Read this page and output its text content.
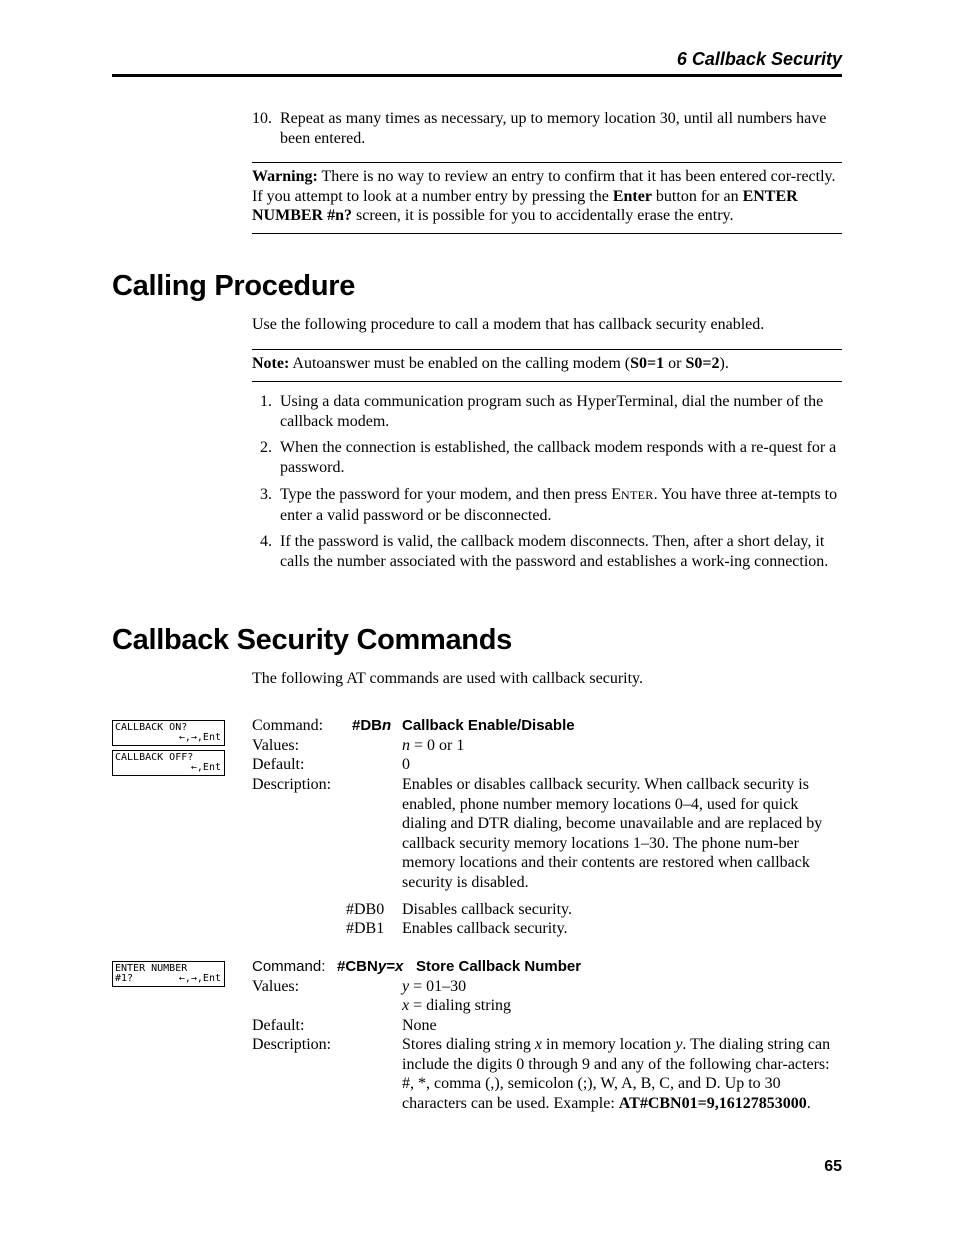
6 Callback Security
10. Repeat as many times as necessary, up to memory location 30, until all numbers have been entered.
Warning: There is no way to review an entry to confirm that it has been entered cor-rectly. If you attempt to look at a number entry by pressing the Enter button for an ENTER NUMBER #n? screen, it is possible for you to accidentally erase the entry.
Calling Procedure
Use the following procedure to call a modem that has callback security enabled.
Note: Autoanswer must be enabled on the calling modem (S0=1 or S0=2).
1. Using a data communication program such as HyperTerminal, dial the number of the callback modem.
2. When the connection is established, the callback modem responds with a re-quest for a password.
3. Type the password for your modem, and then press ENTER. You have three at-tempts to enter a valid password or be disconnected.
4. If the password is valid, the callback modem disconnects. Then, after a short delay, it calls the number associated with the password and establishes a work-ing connection.
Callback Security Commands
The following AT commands are used with callback security.
CALLBACK ON?
←,→,Ent
CALLBACK OFF?
←,Ent
Command: #DBn Callback Enable/Disable
Values:	n = 0 or 1
Default:	0
Description:	Enables or disables callback security. When callback security is enabled, phone number memory locations 0–4, used for quick dialing and DTR dialing, become unavailable and are replaced by callback security memory locations 1–30. The phone num-ber memory locations and their contents are restored when callback security is disabled.
#DB0 Disables callback security.
#DB1 Enables callback security.
ENTER NUMBER
#1?	←,→,Ent
Command: #CBNy=x Store Callback Number
Values:	y = 01–30
x = dialing string
Default:	None
Description:	Stores dialing string x in memory location y. The dialing string can include the digits 0 through 9 and any of the following char-acters: #, *, comma (,), semicolon (;), W, A, B, C, and D. Up to 30 characters can be used. Example: AT#CBN01=9,16127853000.
65
